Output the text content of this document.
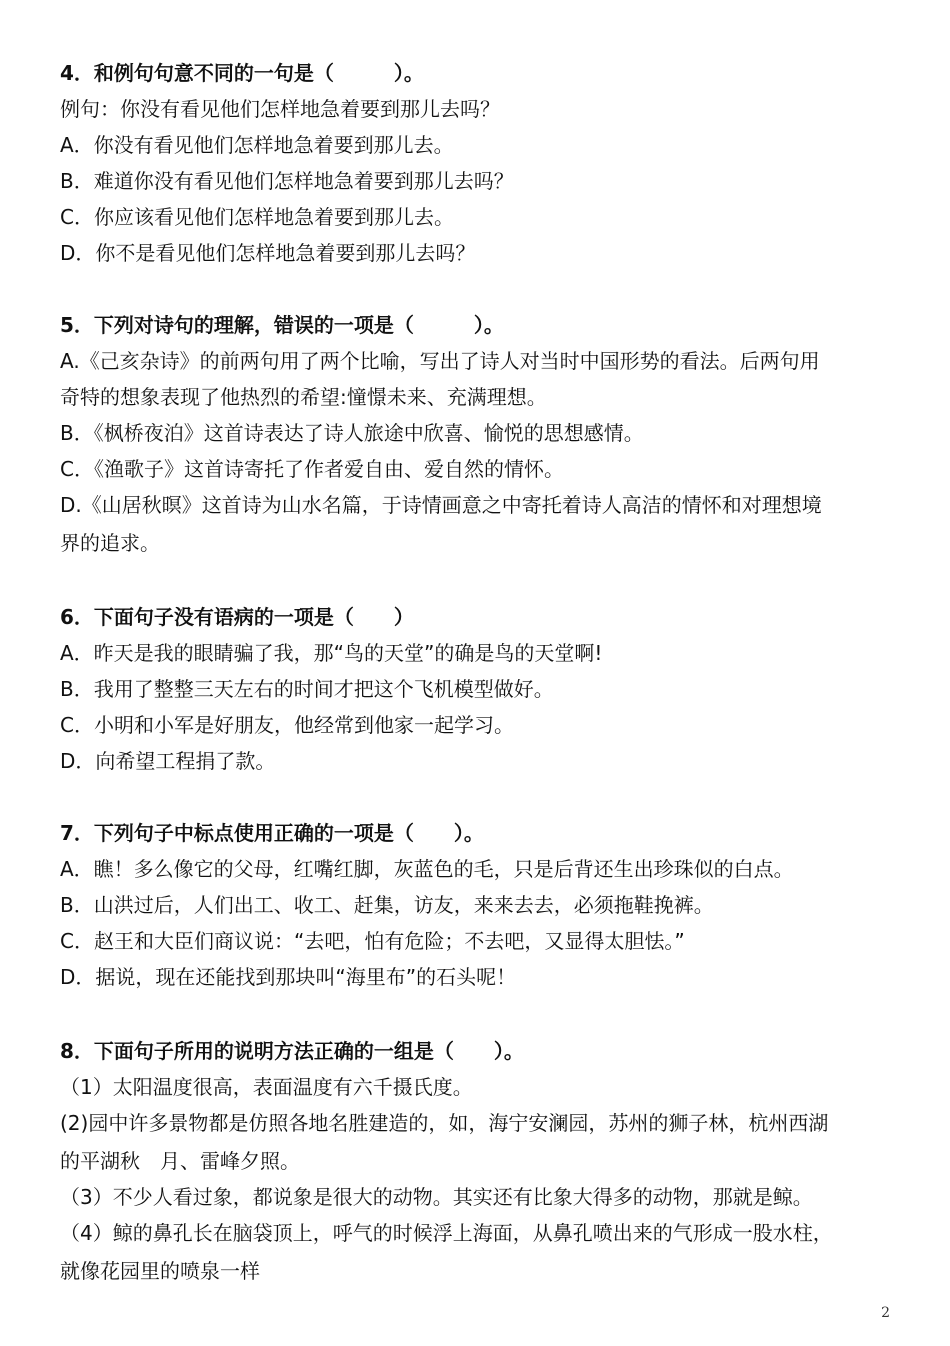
4．和例句句意不同的一句是（　　　）。
例句：你没有看见他们怎样地急着要到那儿去吗？
A．你没有看见他们怎样地急着要到那儿去。
B．难道你没有看见他们怎样地急着要到那儿去吗？
C．你应该看见他们怎样地急着要到那儿去。
D．你不是看见他们怎样地急着要到那儿去吗？
5．下列对诗句的理解，错误的一项是（　　　）。
A.《己亥杂诗》的前两句用了两个比喻，写出了诗人对当时中国形势的看法。后两句用
奇特的想象表现了他热烈的希望:憧憬未来、充满理想。
B．《枫桥夜泊》这首诗表达了诗人旅途中欣喜、愉悦的思想感情。
C．《渔歌子》这首诗寄托了作者爱自由、爱自然的情怀。
D.《山居秋暝》这首诗为山水名篇，于诗情画意之中寄托着诗人高洁的情怀和对理想境
界的追求。
6．下面句子没有语病的一项是（　　）
A．昨天是我的眼睛骗了我，那“鸟的天堂”的确是鸟的天堂啊!
B．我用了整整三天左右的时间才把这个飞机模型做好。
C．小明和小军是好朋友，他经常到他家一起学习。
D．向希望工程捐了款。
7．下列句子中标点使用正确的一项是（　　）。
A．瞧！多么像它的父母，红嘴红脚，灰蓝色的毛，只是后背还生出珍珠似的白点。
B．山洪过后，人们出工、收工、赶集，访友，来来去去，必须拖鞋挽裤。
C．赵王和大臣们商议说：“去吧，怕有危险；不去吧，又显得太胆怯。”
D．据说，现在还能找到那块叫“海里布”的石头呢！
8．下面句子所用的说明方法正确的一组是（　　）。
（1）太阳温度很高，表面温度有六千摄氏度。
(2)园中许多景物都是仿照各地名胜建造的，如，海宁安澜园，苏州的狮子林，杭州西湖
的平湖秋　月、雷峰夕照。
（3）不少人看过象，都说象是很大的动物。其实还有比象大得多的动物，那就是鲸。
（4）鲸的鼻孔长在脑袋顶上，呼气的时候浮上海面，从鼻孔喷出来的气形成一股水柱，
就像花园里的喷泉一样
2
